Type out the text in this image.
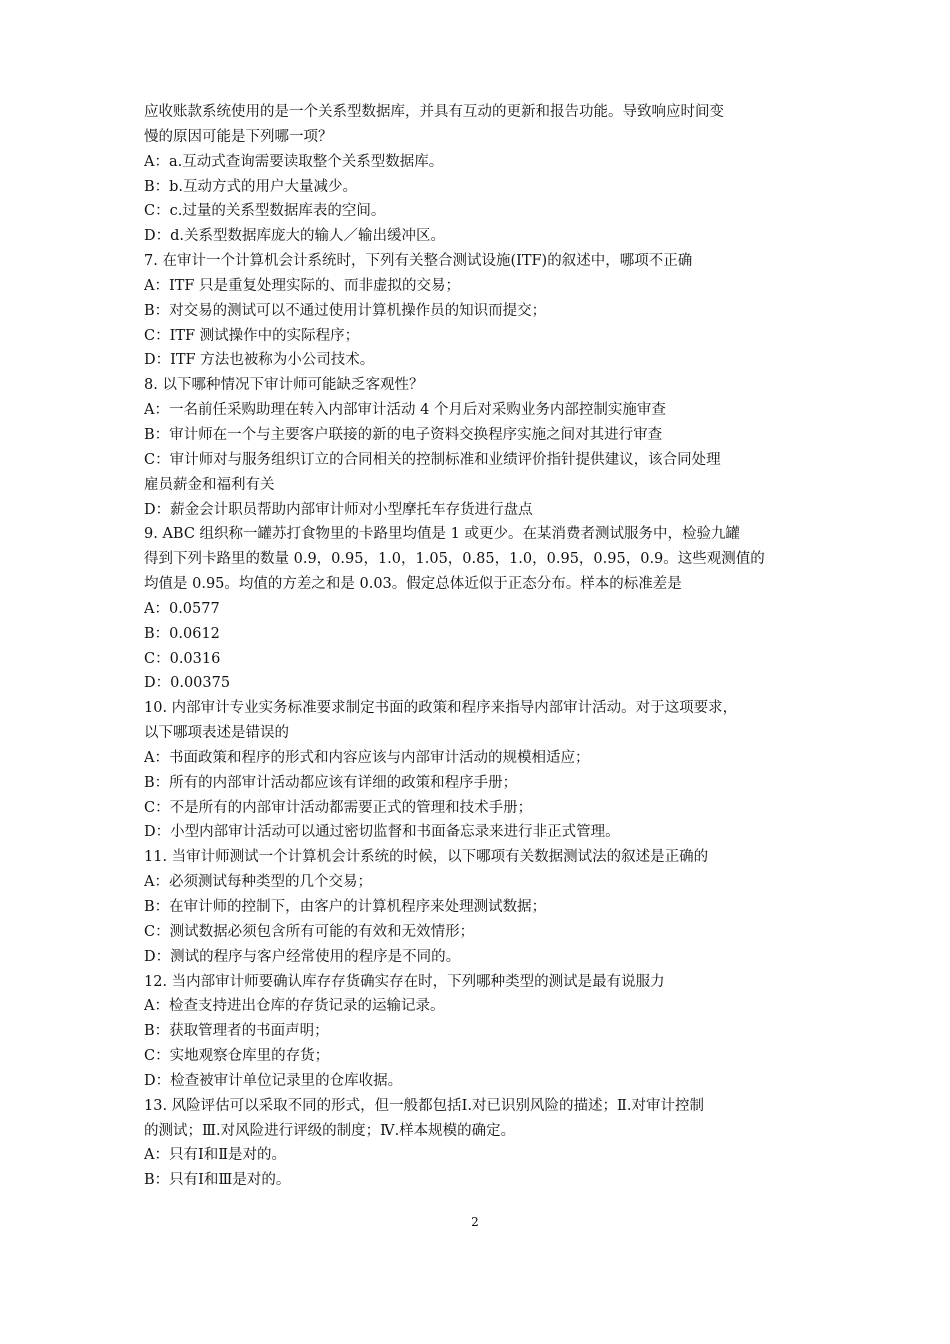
应收账款系统使用的是一个关系型数据库，并具有互动的更新和报告功能。导致响应时间变
慢的原因可能是下列哪一项？
A：a.互动式查询需要读取整个关系型数据库。
B：b.互动方式的用户大量减少。
C：c.过量的关系型数据库表的空间。
D：d.关系型数据库庞大的输人／输出缓冲区。
7. 在审计一个计算机会计系统时，下列有关整合测试设施(ITF)的叙述中，哪项不正确
A：ITF 只是重复处理实际的、而非虚拟的交易；
B：对交易的测试可以不通过使用计算机操作员的知识而提交；
C：ITF 测试操作中的实际程序；
D：ITF 方法也被称为小公司技术。
8. 以下哪种情况下审计师可能缺乏客观性？
A：一名前任采购助理在转入内部审计活动 4 个月后对采购业务内部控制实施审查
B：审计师在一个与主要客户联接的新的电子资料交换程序实施之间对其进行审查
C：审计师对与服务组织订立的合同相关的控制标准和业绩评价指针提供建议，该合同处理
雇员薪金和福利有关
D：薪金会计职员帮助内部审计师对小型摩托车存货进行盘点
9. ABC 组织称一罐苏打食物里的卡路里均值是 1 或更少。在某消费者测试服务中，检验九罐
得到下列卡路里的数量 0.9，0.95，1.0，1.05，0.85，1.0，0.95，0.95，0.9。这些观测值的
均值是 0.95。均值的方差之和是 0.03。假定总体近似于正态分布。样本的标准差是
A：0.0577
B：0.0612
C：0.0316
D：0.00375
10. 内部审计专业实务标准要求制定书面的政策和程序来指导内部审计活动。对于这项要求，
以下哪项表述是错误的
A：书面政策和程序的形式和内容应该与内部审计活动的规模相适应；
B：所有的内部审计活动都应该有详细的政策和程序手册；
C：不是所有的内部审计活动都需要正式的管理和技术手册；
D：小型内部审计活动可以通过密切监督和书面备忘录来进行非正式管理。
11. 当审计师测试一个计算机会计系统的时候，以下哪项有关数据测试法的叙述是正确的
A：必须测试每种类型的几个交易；
B：在审计师的控制下，由客户的计算机程序来处理测试数据；
C：测试数据必须包含所有可能的有效和无效情形；
D：测试的程序与客户经常使用的程序是不同的。
12. 当内部审计师要确认库存存货确实存在时，下列哪种类型的测试是最有说服力
A：检查支持进出仓库的存货记录的运输记录。
B：获取管理者的书面声明；
C：实地观察仓库里的存货；
D：检查被审计单位记录里的仓库收据。
13. 风险评估可以采取不同的形式，但一般都包括Ⅰ.对已识别风险的描述；Ⅱ.对审计控制
的测试；Ⅲ.对风险进行评级的制度；Ⅳ.样本规模的确定。
A：只有Ⅰ和Ⅱ是对的。
B：只有Ⅰ和Ⅲ是对的。
2
